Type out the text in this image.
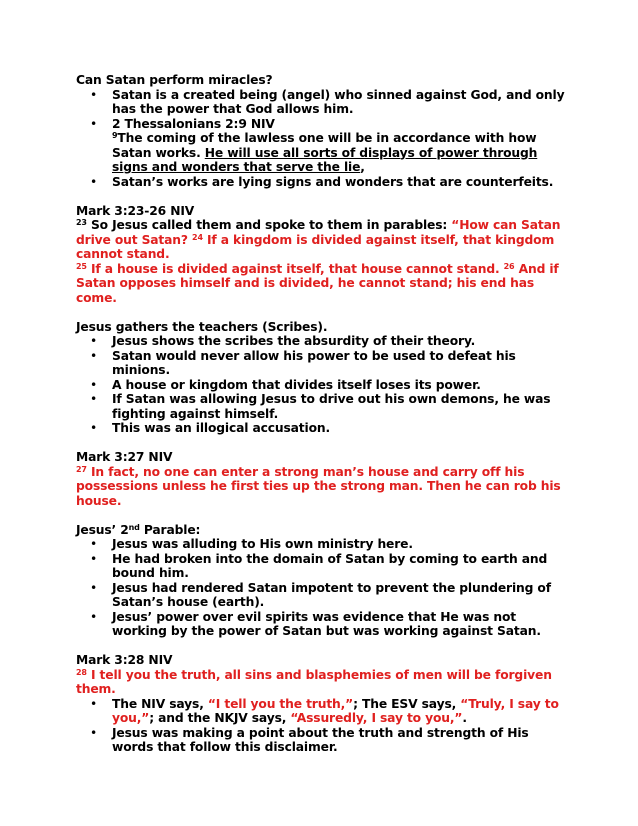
Can Satan perform miracles?

• Satan is a created being (angel) who sinned against God, and only has the power that God allows him.
• 2 Thessalonians 2:9 NIV
$^9$The coming of the lawless one will be in accordance with how Satan works. He will use all sorts of displays of power through signs and wonders that serve the lie,
• Satan’s works are lying signs and wonders that are counterfeits.

Mark 3:23-26 NIV

$^{23}$ So Jesus called them and spoke to them in parables: “How can Satan drive out Satan? $^{24}$ If a kingdom is divided against itself, that kingdom cannot stand.
$^{25}$ If a house is divided against itself, that house cannot stand. $^{26}$ And if Satan opposes himself and is divided, he cannot stand; his end has come.

Jesus gathers the teachers (Scribes).

• Jesus shows the scribes the absurdity of their theory.
• Satan would never allow his power to be used to defeat his minions.
• A house or kingdom that divides itself loses its power.
• If Satan was allowing Jesus to drive out his own demons, he was fighting against himself.
• This was an illogical accusation.

Mark 3:27 NIV

$^{27}$ In fact, no one can enter a strong man’s house and carry off his possessions unless he first ties up the strong man. Then he can rob his house.

Jesus’ 2nd Parable:

• Jesus was alluding to His own ministry here.
• He had broken into the domain of Satan by coming to earth and bound him.
• Jesus had rendered Satan impotent to prevent the plundering of Satan’s house (earth).
• Jesus’ power over evil spirits was evidence that He was not working by the power of Satan but was working against Satan.

Mark 3:28 NIV

$^{28}$ I tell you the truth, all sins and blasphemies of men will be forgiven them.

• The NIV says, “I tell you the truth,”; The ESV says, “Truly, I say to you,”; and the NKJV says, “Assuredly, I say to you,”.
• Jesus was making a point about the truth and strength of His words that follow this disclaimer.
